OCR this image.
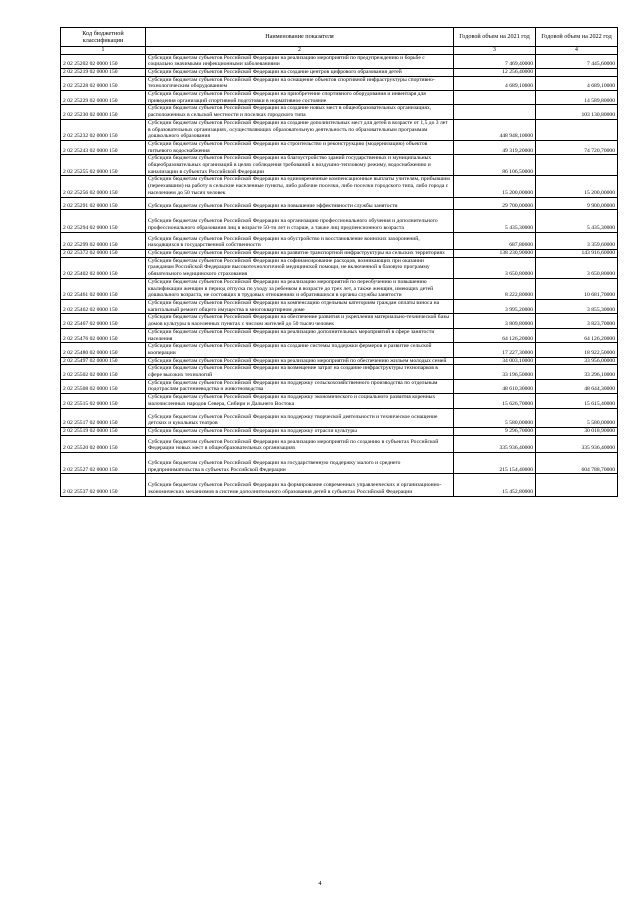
Код бюджетной классификации	Наименование показателя	Годовой объем на 2021 год	Годовой объем на 2022 год
1	2	3	4
2 02 25202 02 0000 150	Субсидии бюджетам субъектов Российской Федерации на реализацию мероприятий по предупреждению и борьбе с социально значимыми инфекционными заболеваниями	7 469,40000	7 445,60000
2 02 25219 02 0000 150	Субсидии бюджетам субъектов Российской Федерации на создание центров цифрового образования детей	12 256,40000	
2 02 25228 02 0000 150	Субсидии бюджетам субъектов Российской Федерации на оснащение объектов спортивной инфраструктуры спортивно-технологическим оборудованием	4 689,10000	4 689,10000
2 02 25229 02 0000 150	Субсидии бюджетам субъектов Российской Федерации на приобретение спортивного оборудования и инвентаря для приведения организаций спортивной подготовки в нормативное состояние		14 589,80000
2 02 25230 02 0000 150	Субсидии бюджетам субъектов Российской Федерации на создание новых мест в общеобразовательных организациях, расположенных в сельской местности и поселках городского типа		103 130,80000
2 02 25232 02 0000 150	Субсидии бюджетам субъектов Российской Федерации на создание дополнительных мест для детей в возрасте от 1,5 до 3 лет в образовательных организациях, осуществляющих образовательную деятельность по образовательным программам дошкольного образования	448 948,10000	
2 02 25243 02 0000 150	Субсидии бюджетам субъектов Российской Федерации на строительство и реконструкцию (модернизацию) объектов питьевого водоснабжения	49 319,20000	74 720,70000
2 02 25255 02 0000 150	Субсидии бюджетам субъектов Российской Федерации на благоустройство зданий государственных и муниципальных общеобразовательных организаций в целях соблюдения требований к воздушно-тепловому режиму, водоснабжению и канализации в субъектах Российской Федерации	86 106,50000	
2 02 25256 02 0000 150	Субсидии бюджетам субъектов Российской Федерации на единовременные компенсационные выплаты учителям, прибывшим (переехавшим) на работу в сельские населенные пункты, либо рабочие поселки, либо поселки городского типа, либо города с населением до 50 тысяч человек	15 200,00000	15 200,00000
2 02 25291 02 0000 150	Субсидии бюджетам субъектов Российской Федерации на повышение эффективности службы занятости	29 700,00000	9 900,00000
2 02 25294 02 0000 150	Субсидии бюджетам субъектов Российской Федерации на организацию профессионального обучения и дополнительного профессионального образования лиц в возрасте 50-ти лет и старше, а также лиц предпенсионного возраста	5 435,30000	5 435,30000
2 02 25299 02 0000 150	Субсидии бюджетам субъектов Российской Федерации на обустройство и восстановление воинских захоронений, находящихся в государственной собственности	687,80000	3 359,60000
2 02 25372 02 0000 150	Субсидии бюджетам субъектов Российской Федерации на развитие транспортной инфраструктуры на сельских территориях	138 230,90000	143 916,60000
2 02 25402 02 0000 150	Субсидии бюджетам субъектов Российской Федерации на софинансирование расходов, возникающих при оказании гражданам Российской Федерации высокотехнологичной медицинской помощи, не включенной в базовую программу обязательного медицинского страхования	3 650,80000	3 650,80000
2 02 25461 02 0000 150	Субсидии бюджетам субъектов Российской Федерации на реализацию мероприятий по переобучению и повышению квалификации женщин в период отпуска по уходу за ребенком в возрасте до трех лет, а также женщин, имеющих детей дошкольного возраста, не состоящих в трудовых отношениях и обратившихся в органы службы занятости	8 222,80000	10 681,70000
2 02 25462 02 0000 150	Субсидии бюджетам субъектов Российской Федерации на компенсацию отдельным категориям граждан оплаты взноса на капитальный ремонт общего имущества в многоквартирном доме	3 995,20000	3 855,30000
2 02 25467 02 0000 150	Субсидии бюджетам субъектов Российской Федерации на обеспечение развития и укрепления материально-технической базы домов культуры в населенных пунктах с числом жителей до 50 тысяч человек	3 809,80000	3 823,70000
2 02 25476 02 0000 150	Субсидии бюджетам субъектов Российской Федерации на реализацию дополнительных мероприятий в сфере занятости населения	64 126,20000	64 126,20000
2 02 25480 02 0000 150	Субсидии бюджетам субъектов Российской Федерации на создание системы поддержки фермеров и развитие сельской кооперации	17 227,30000	18 922,50000
2 02 25497 02 0000 150	Субсидии бюджетам субъектов Российской Федерации на реализацию мероприятий по обеспечению жильем молодых семей	34 003,10000	33 956,00000
2 02 25502 02 0000 150	Субсидии бюджетам субъектов Российской Федерации на возмещение затрат на создание инфраструктуры технопарков в сфере высоких технологий	33 196,50000	33 296,10000
2 02 25508 02 0000 150	Субсидии бюджетам субъектов Российской Федерации на поддержку сельскохозяйственного производства по отдельным подотраслям растениеводства и животноводства	48 610,30000	48 644,30000
2 02 25515 02 0000 150	Субсидии бюджетам субъектов Российской Федерации на поддержку экономического и социального развития коренных малочисленных народов Севера, Сибири и Дальнего Востока	15 626,70000	15 615,40000
2 02 25517 02 0000 150	Субсидии бюджетам субъектов Российской Федерации на поддержку творческой деятельности и техническое оснащение детских и кукольных театров	5 580,00000	5 580,00000
2 02 25519 02 0000 150	Субсидии бюджетам субъектов Российской Федерации на поддержку отрасли культуры	9 296,70000	30 018,90000
2 02 25520 02 0000 150	Субсидии бюджетам субъектов Российской Федерации на реализацию мероприятий по созданию в субъектах Российской Федерации новых мест в общеобразовательных организациях	335 936,40000	335 936,40000
2 02 25527 02 0000 150	Субсидии бюджетам субъектов Российской Федерации на государственную поддержку малого и среднего предпринимательства в субъектах Российской Федерации	215 154,40000	604 788,70000
2 02 25537 02 0000 150	Субсидии бюджетам субъектов Российской Федерации на формирование современных управленческих и организационно-экономических механизмов в системе дополнительного образования детей в субъектах Российской Федерации	15 452,80000	
4
